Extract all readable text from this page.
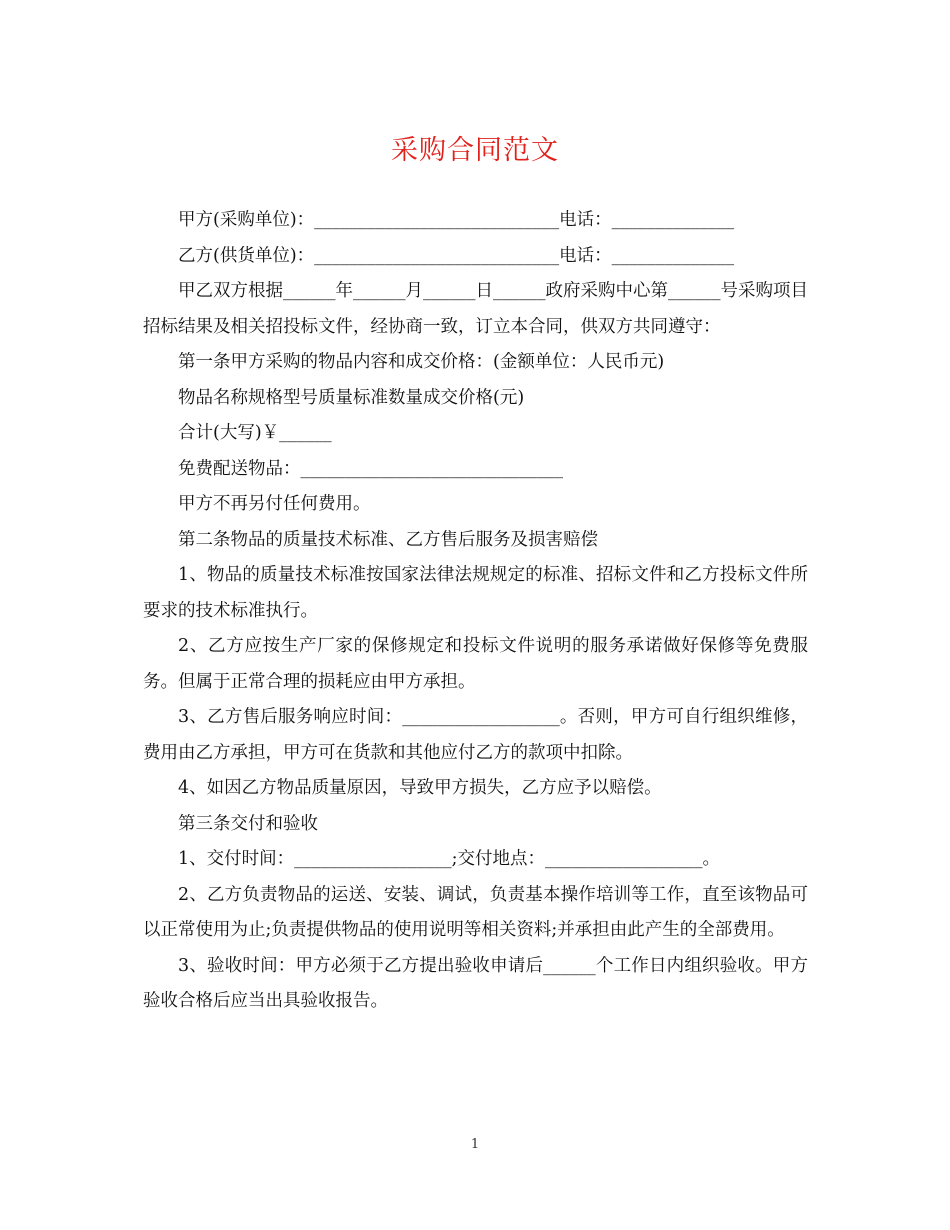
采购合同范文

甲方(采购单位)：____________________________电话：______________

乙方(供货单位)：____________________________电话：______________

甲乙双方根据______年______月______日______政府采购中心第______号采购项目招标结果及相关招投标文件，经协商一致，订立本合同，供双方共同遵守：

第一条甲方采购的物品内容和成交价格：(金额单位：人民币元)

物品名称规格型号质量标准数量成交价格(元)

合计(大写)￥______

免费配送物品：______________________________

甲方不再另付任何费用。

第二条物品的质量技术标准、乙方售后服务及损害赔偿

1、物品的质量技术标准按国家法律法规规定的标准、招标文件和乙方投标文件所要求的技术标准执行。

2、乙方应按生产厂家的保修规定和投标文件说明的服务承诺做好保修等免费服务。但属于正常合理的损耗应由甲方承担。

3、乙方售后服务响应时间：__________________。否则，甲方可自行组织维修，费用由乙方承担，甲方可在货款和其他应付乙方的款项中扣除。

4、如因乙方物品质量原因，导致甲方损失，乙方应予以赔偿。

第三条交付和验收

1、交付时间：__________________;交付地点：__________________。

2、乙方负责物品的运送、安装、调试，负责基本操作培训等工作，直至该物品可以正常使用为止;负责提供物品的使用说明等相关资料;并承担由此产生的全部费用。

3、验收时间：甲方必须于乙方提出验收申请后______个工作日内组织验收。甲方验收合格后应当出具验收报告。

1
